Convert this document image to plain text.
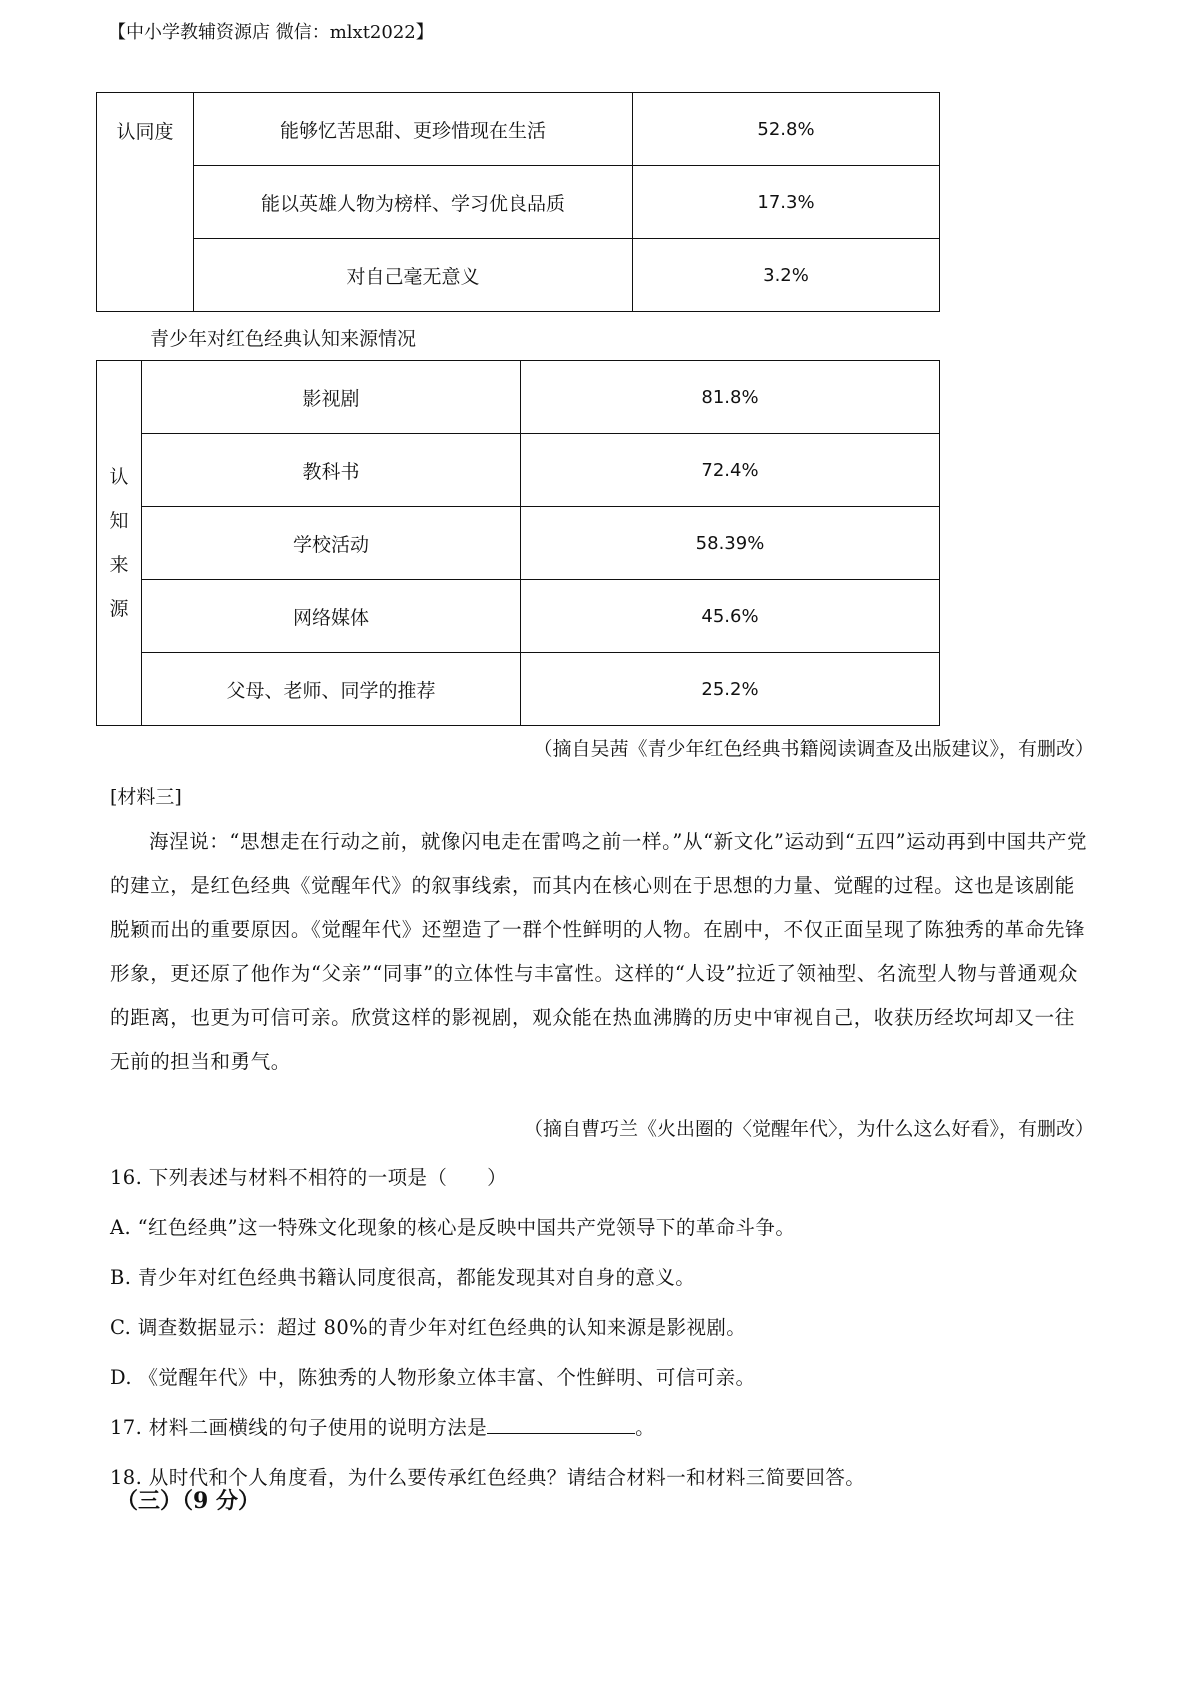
【中小学教辅资源店 微信：mlxt2022】
认同度	能够忆苦思甜、更珍惜现在生活	52.8%
	能以英雄人物为榜样、学习优良品质	17.3%
	对自己毫无意义	3.2%
青少年对红色经典认知来源情况
认
知
来
源	影视剧	81.8%
	教科书	72.4%
	学校活动	58.39%
	网络媒体	45.6%
	父母、老师、同学的推荐	25.2%
（摘自吴茜《青少年红色经典书籍阅读调查及出版建议》，有删改）
[材料三]
海涅说：“思想走在行动之前，就像闪电走在雷鸣之前一样。”从“新文化”运动到“五四”运动再到中国共产党的建立，是红色经典《觉醒年代》的叙事线索，而其内在核心则在于思想的力量、觉醒的过程。这也是该剧能脱颖而出的重要原因。《觉醒年代》还塑造了一群个性鲜明的人物。在剧中，不仅正面呈现了陈独秀的革命先锋形象，更还原了他作为“父亲”“同事”的立体性与丰富性。这样的“人设”拉近了领袖型、名流型人物与普通观众的距离，也更为可信可亲。欣赏这样的影视剧，观众能在热血沸腾的历史中审视自己，收获历经坎坷却又一往无前的担当和勇气。
（摘自曹巧兰《火出圈的〈觉醒年代〉，为什么这么好看》，有删改）
16. 下列表述与材料不相符的一项是（　　）
A. “红色经典”这一特殊文化现象的核心是反映中国共产党领导下的革命斗争。
B. 青少年对红色经典书籍认同度很高，都能发现其对自身的意义。
C. 调查数据显示：超过 80%的青少年对红色经典的认知来源是影视剧。
D. 《觉醒年代》中，陈独秀的人物形象立体丰富、个性鲜明、可信可亲。
17. 材料二画横线的句子使用的说明方法是	。
18. 从时代和个人角度看，为什么要传承红色经典？请结合材料一和材料三简要回答。
（三）（9 分）
